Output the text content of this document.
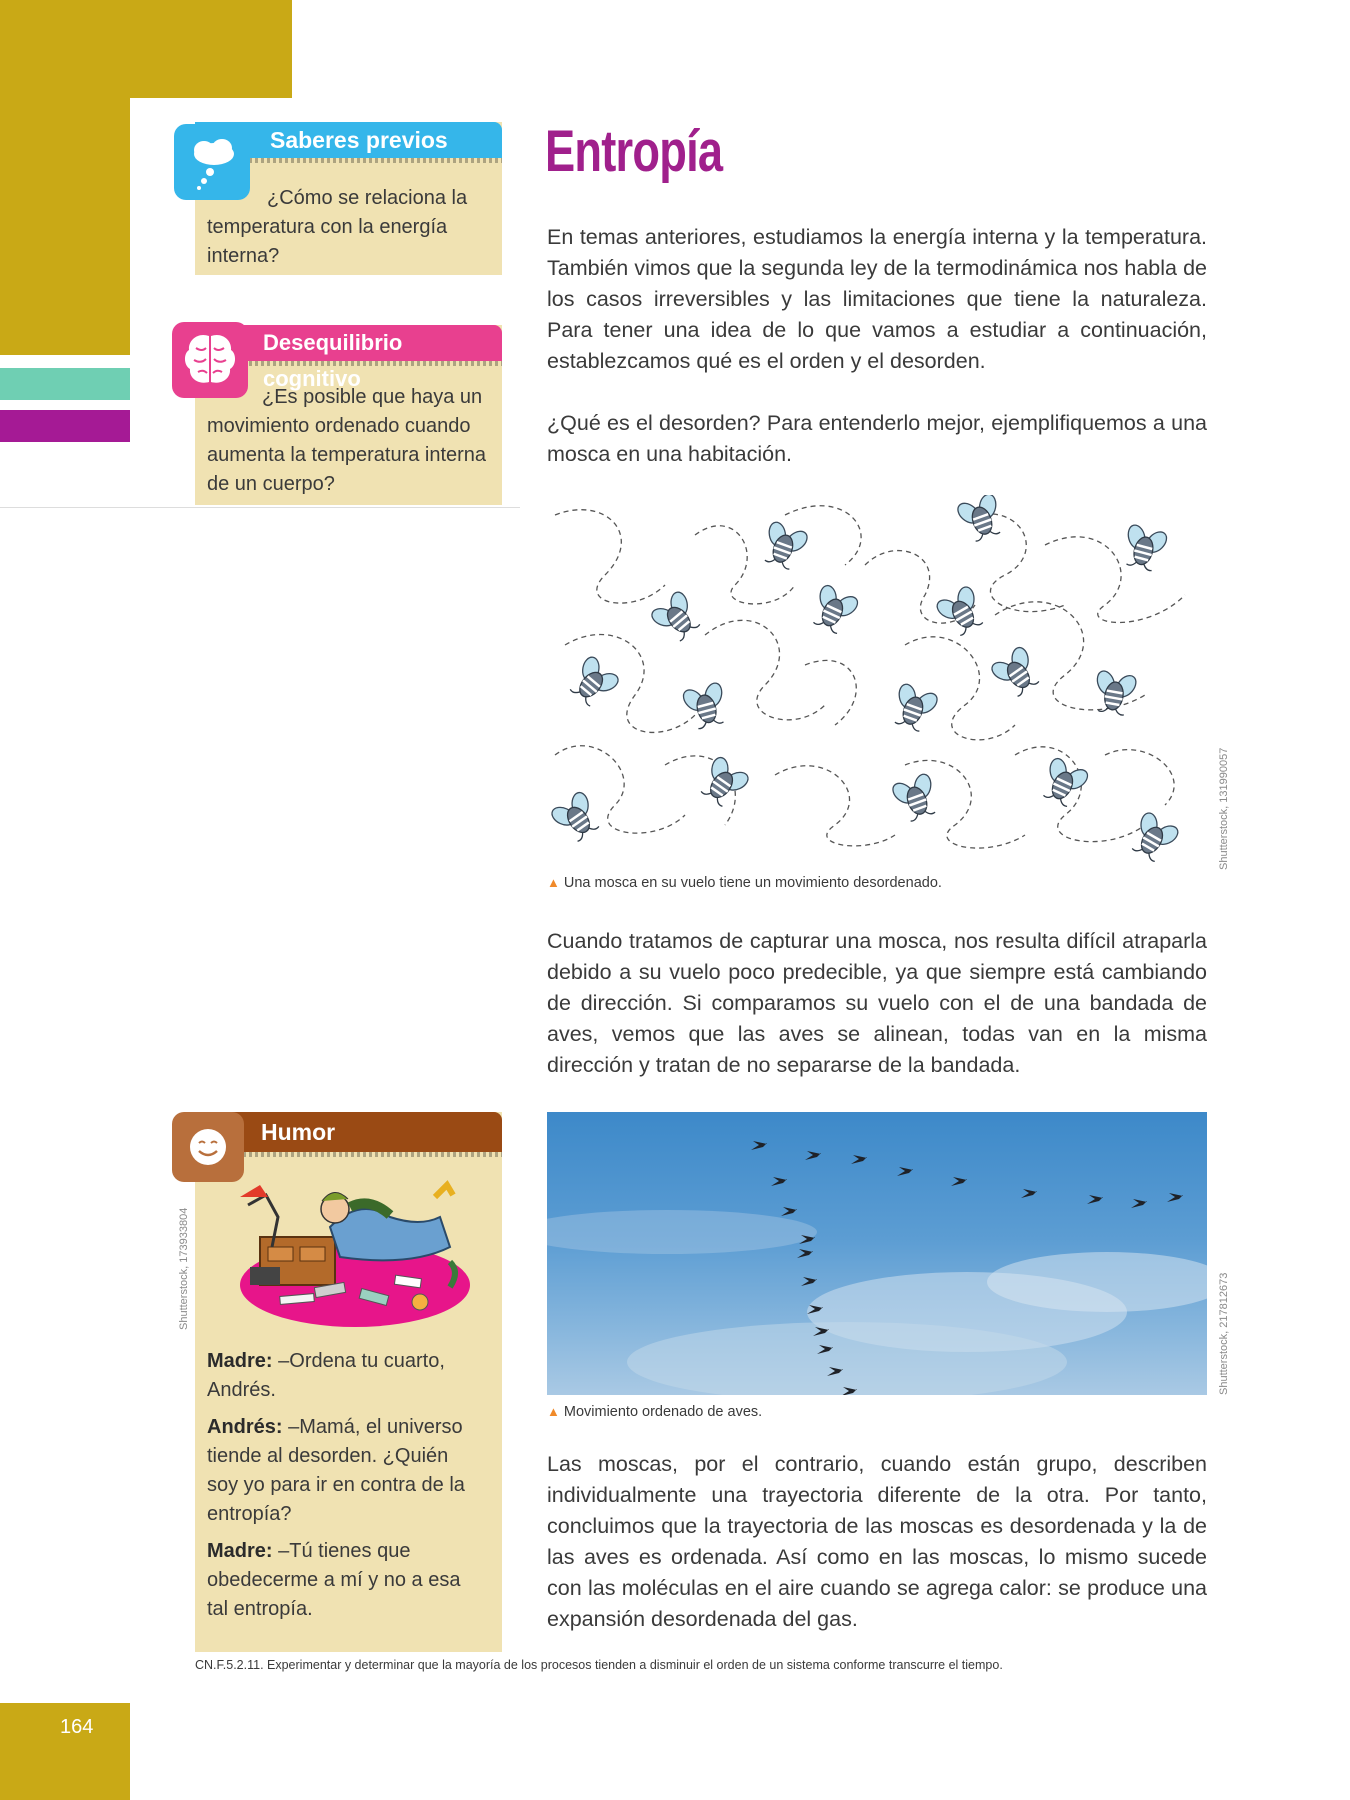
164
Saberes previos
¿Cómo se relaciona la temperatura con la energía interna?
Desequilibrio cognitivo
¿Es posible que haya un movimiento ordenado cuando aumenta la temperatura interna de un cuerpo?
Entropía
En temas anteriores, estudiamos la energía interna y la temperatura. También vimos que la segunda ley de la termodinámica nos habla de los casos irreversibles y las limitaciones que tiene la naturaleza. Para tener una idea de lo que vamos a estudiar a continuación, establezcamos qué es el orden y el desorden.
¿Qué es el desorden? Para entenderlo mejor, ejemplifiquemos a una mosca en una habitación.
▲ Una mosca en su vuelo tiene un movimiento desordenado.
Shutterstock, 131990057
Cuando tratamos de capturar una mosca, nos resulta difícil atraparla debido a su vuelo poco predecible, ya que siempre está cambiando de dirección. Si comparamos su vuelo con el de una bandada de aves, vemos que las aves se alinean, todas van en la misma dirección y tratan de no separarse de la bandada.
▲ Movimiento ordenado de aves.
Shutterstock, 217812673
Las moscas, por el contrario, cuando están grupo, describen individualmente una trayectoria diferente de la otra. Por tanto, concluimos que la trayectoria de las moscas es desordenada y la de las aves es ordenada. Así como en las moscas, lo mismo sucede con las moléculas en el aire cuando se agrega calor: se produce una expansión desordenada del gas.
Humor

Madre: –Ordena tu cuarto, Andrés.

Andrés: –Mamá, el universo tiende al desorden. ¿Quién soy yo para ir en contra de la entropía?

Madre: –Tú tienes que obedecerme a mí y no a esa tal entropía.

Shutterstock, 173933804
CN.F.5.2.11. Experimentar y determinar que la mayoría de los procesos tienden a disminuir el orden de un sistema conforme transcurre el tiempo.
